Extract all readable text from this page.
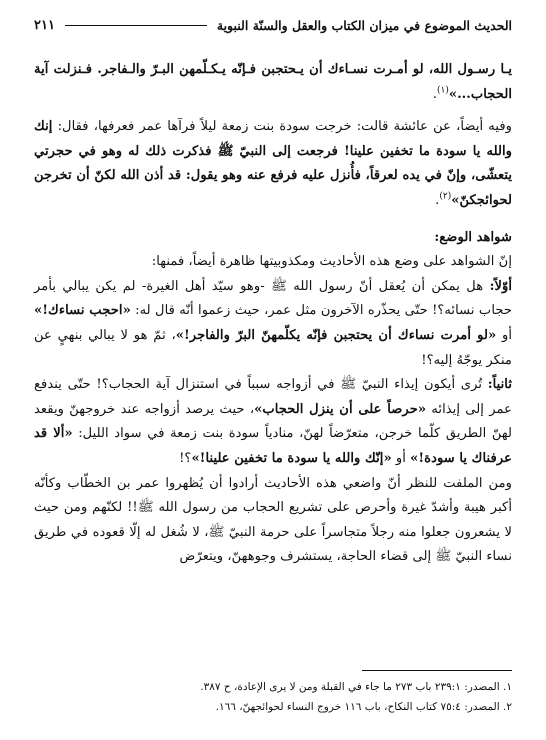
الحديث الموضوع في ميزان الكتاب والعقل والسنّة النبوية
٢١١

يـا رسـول الله، لو أمـرت نسـاءك أن يـحتجبن فـإنّه يـكـلّمهن البـرّ والـفاجر. فـنزلت آية الحجاب...»$^{(١)}$.

وفيه أيضاً، عن عائشة قالت: خرجت سودة بنت زمعة ليلاً فرآها عمر فعرفها، فقال: إنك والله يا سودة ما تخفين علينا! فرجعت إلى النبيّ ﷺ فذكرت ذلك له وهو في حجرتي يتعشّى، وإنّ في يده لعرقاً، فأُنزل عليه فرفع عنه وهو يقول: قد أذن الله لكنّ أن تخرجن لحوائجكنّ»$^{(٢)}$.

شواهد الوضع:

إنّ الشواهد على وضع هذه الأحاديث ومكذوبيتها ظاهرة أيضاً، فمنها:

أوّلاً: هل يمكن أن يُعقل أنّ رسول الله ﷺ -وهو سيّد أهل الغيرة- لم يكن يبالي بأمر حجاب نسائه؟! حتّى يحذّره الآخرون مثل عمر، حيث زعموا أنّه قال له: «احجب نساءك!» أو «لو أمرت نساءك أن يحتجبن فإنّه يكلّمهنّ البرّ والفاجر!»، ثمّ هو لا يبالي بنهيٍ عن منكر يوجّهُ إليه؟!

ثانياً: تُرى أيكون إيذاء النبيّ ﷺ في أزواجه سبباً في استنزال آية الحجاب؟! حتّى يندفع عمر إلى إيذائه «حرصاً على أن ينزل الحجاب»، حيث يرصد أزواجه عند خروجهنّ ويقعد لهنّ الطريق كلّما خرجن، متعرّضاً لهنّ، منادياً سودة بنت زمعة في سواد الليل: «ألا قد عرفناك يا سودة!» أو «إنّك والله يا سودة ما تخفين علينا!»؟!

ومن الملفت للنظر أنّ واضعي هذه الأحاديث أرادوا أن يُظهروا عمر بن الخطّاب وكأنّه أكبر هيبة وأشدّ غيرة وأحرص على تشريع الحجاب من رسول الله ﷺ!! لكنّهم ومن حيث لا يشعرون جعلوا منه رجلاً متجاسراً على حرمة النبيّ ﷺ، لا شُغل له إلّا قعوده في طريق نساء النبيّ ﷺ إلى قضاء الحاجة، يستشرف وجوههنّ، ويتعرّض

١. المصدر: ٢٣٩:١ باب ٢٧٣ ما جاء في القبلة ومن لا يرى الإعادة، ح ٣٨٧.
٢. المصدر: ٧٥:٤ كتاب النكاح، باب ١١٦ خروج النساء لحوائجهنّ، ١٦٦.
